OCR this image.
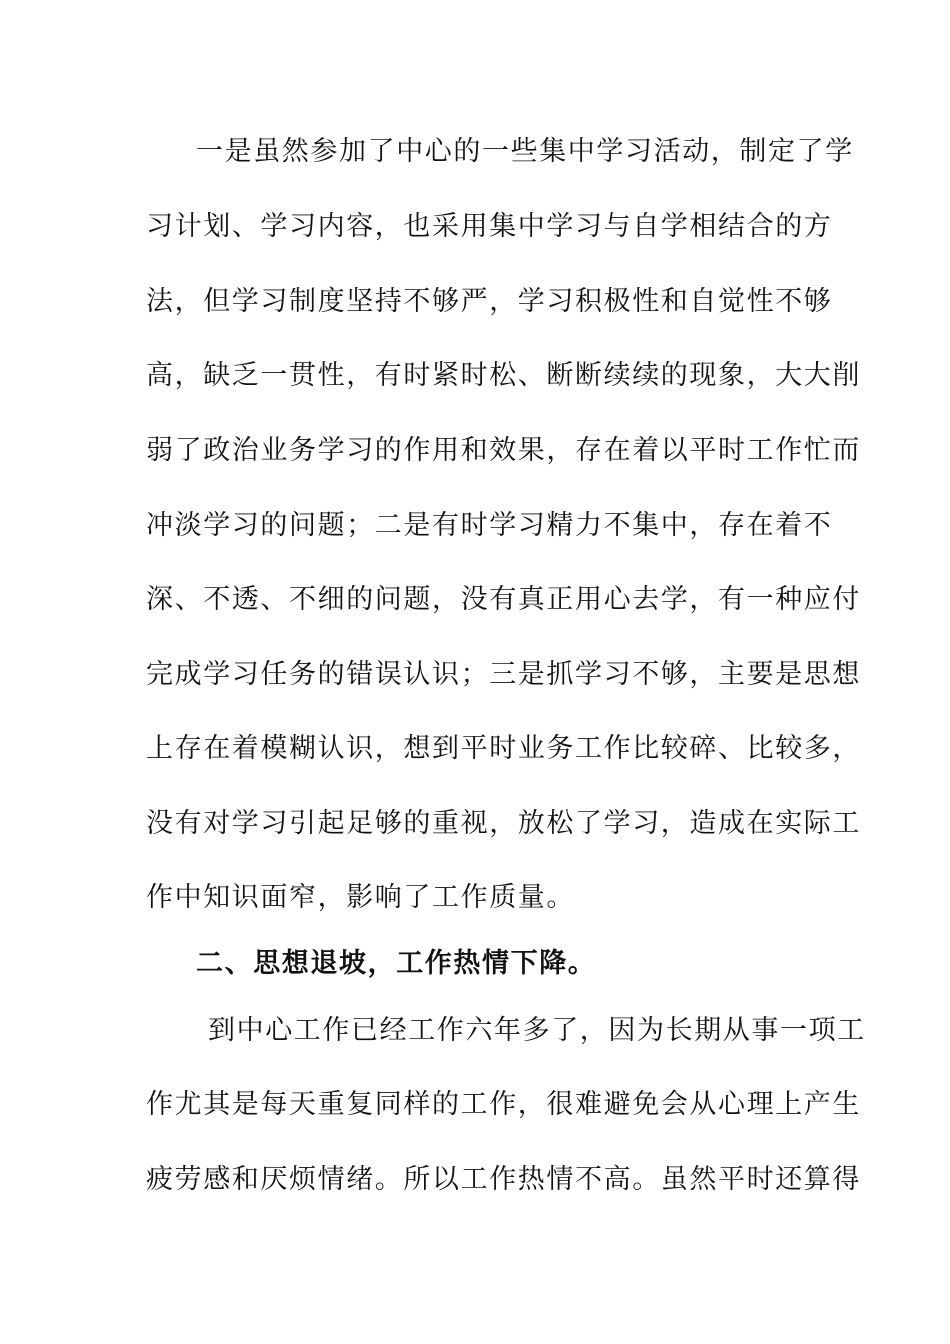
一是虽然参加了中心的一些集中学习活动，制定了学
习计划、学习内容，也采用集中学习与自学相结合的方
法，但学习制度坚持不够严，学习积极性和自觉性不够
高，缺乏一贯性，有时紧时松、断断续续的现象，大大削
弱了政治业务学习的作用和效果，存在着以平时工作忙而
冲淡学习的问题；二是有时学习精力不集中，存在着不
深、不透、不细的问题，没有真正用心去学，有一种应付
完成学习任务的错误认识；三是抓学习不够，主要是思想
上存在着模糊认识，想到平时业务工作比较碎、比较多，
没有对学习引起足够的重视，放松了学习，造成在实际工
作中知识面窄，影响了工作质量。
二、思想退坡，工作热情下降。
到中心工作已经工作六年多了，因为长期从事一项工
作尤其是每天重复同样的工作，很难避免会从心理上产生
疲劳感和厌烦情绪。所以工作热情不高。虽然平时还算得
